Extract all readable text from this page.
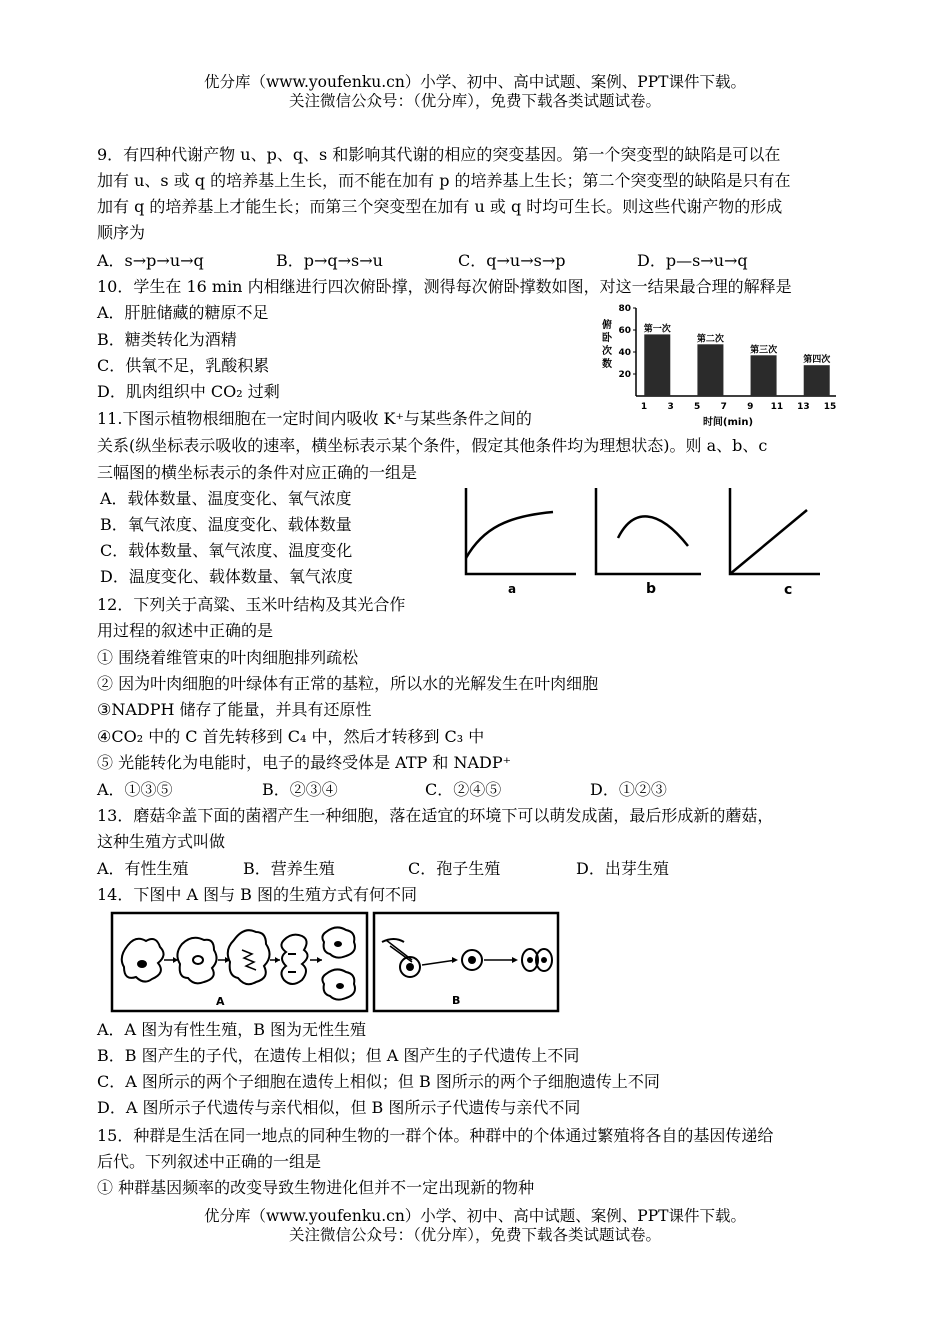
优分库（www.youfenku.cn）小学、初中、高中试题、案例、PPT课件下载。
关注微信公众号：（优分库），免费下载各类试题试卷。
9．有四种代谢产物 u、p、q、s 和影响其代谢的相应的突变基因。第一个突变型的缺陷是可以在
加有 u、s 或 q 的培养基上生长，而不能在加有 p 的培养基上生长；第二个突变型的缺陷是只有在
加有 q 的培养基上才能生长；而第三个突变型在加有 u 或 q 时均可生长。则这些代谢产物的形成
顺序为
A．s→p→u→q	B．p→q→s→u	C．q→u→s→p	D．p—s→u→q
10．学生在 16 min 内相继进行四次俯卧撑，测得每次俯卧撑数如图，对这一结果最合理的解释是
A．肝脏储藏的糖原不足
B．糖类转化为酒精
C．供氧不足，乳酸积累
D．肌肉组织中 CO₂ 过剩
俯
卧
次
数
第一次
第二次
第三次
第四次
20
40
60
80
1 3 5 7 9 11 13 15
时间(min)
11.下图示植物根细胞在一定时间内吸收 K⁺与某些条件之间的
关系(纵坐标表示吸收的速率，横坐标表示某个条件，假定其他条件均为理想状态)。则 a、b、c
三幅图的横坐标表示的条件对应正确的一组是
A．载体数量、温度变化、氧气浓度
B．氧气浓度、温度变化、载体数量
C．载体数量、氧气浓度、温度变化
D．温度变化、载体数量、氧气浓度
a	b	c
12．下列关于高粱、玉米叶结构及其光合作
用过程的叙述中正确的是
① 围绕着维管束的叶肉细胞排列疏松
② 因为叶肉细胞的叶绿体有正常的基粒，所以水的光解发生在叶肉细胞
③NADPH 储存了能量，并具有还原性
④CO₂ 中的 C 首先转移到 C₄ 中，然后才转移到 C₃ 中
⑤ 光能转化为电能时，电子的最终受体是 ATP 和 NADP⁺
A．①③⑤	B．②③④	C．②④⑤	D．①②③
13．磨菇伞盖下面的菌褶产生一种细胞，落在适宜的环境下可以萌发成菌，最后形成新的蘑菇，
这种生殖方式叫做
A．有性生殖	B．营养生殖	C．孢子生殖	D．出芽生殖
14．下图中 A 图与 B 图的生殖方式有何不同
A	B
A．A 图为有性生殖，B 图为无性生殖
B．B 图产生的子代，在遗传上相似；但 A 图产生的子代遗传上不同
C．A 图所示的两个子细胞在遗传上相似；但 B 图所示的两个子细胞遗传上不同
D．A 图所示子代遗传与亲代相似，但 B 图所示子代遗传与亲代不同
15．种群是生活在同一地点的同种生物的一群个体。种群中的个体通过繁殖将各自的基因传递给
后代。下列叙述中正确的一组是
① 种群基因频率的改变导致生物进化但并不一定出现新的物种
优分库（www.youfenku.cn）小学、初中、高中试题、案例、PPT课件下载。
关注微信公众号：（优分库），免费下载各类试题试卷。
